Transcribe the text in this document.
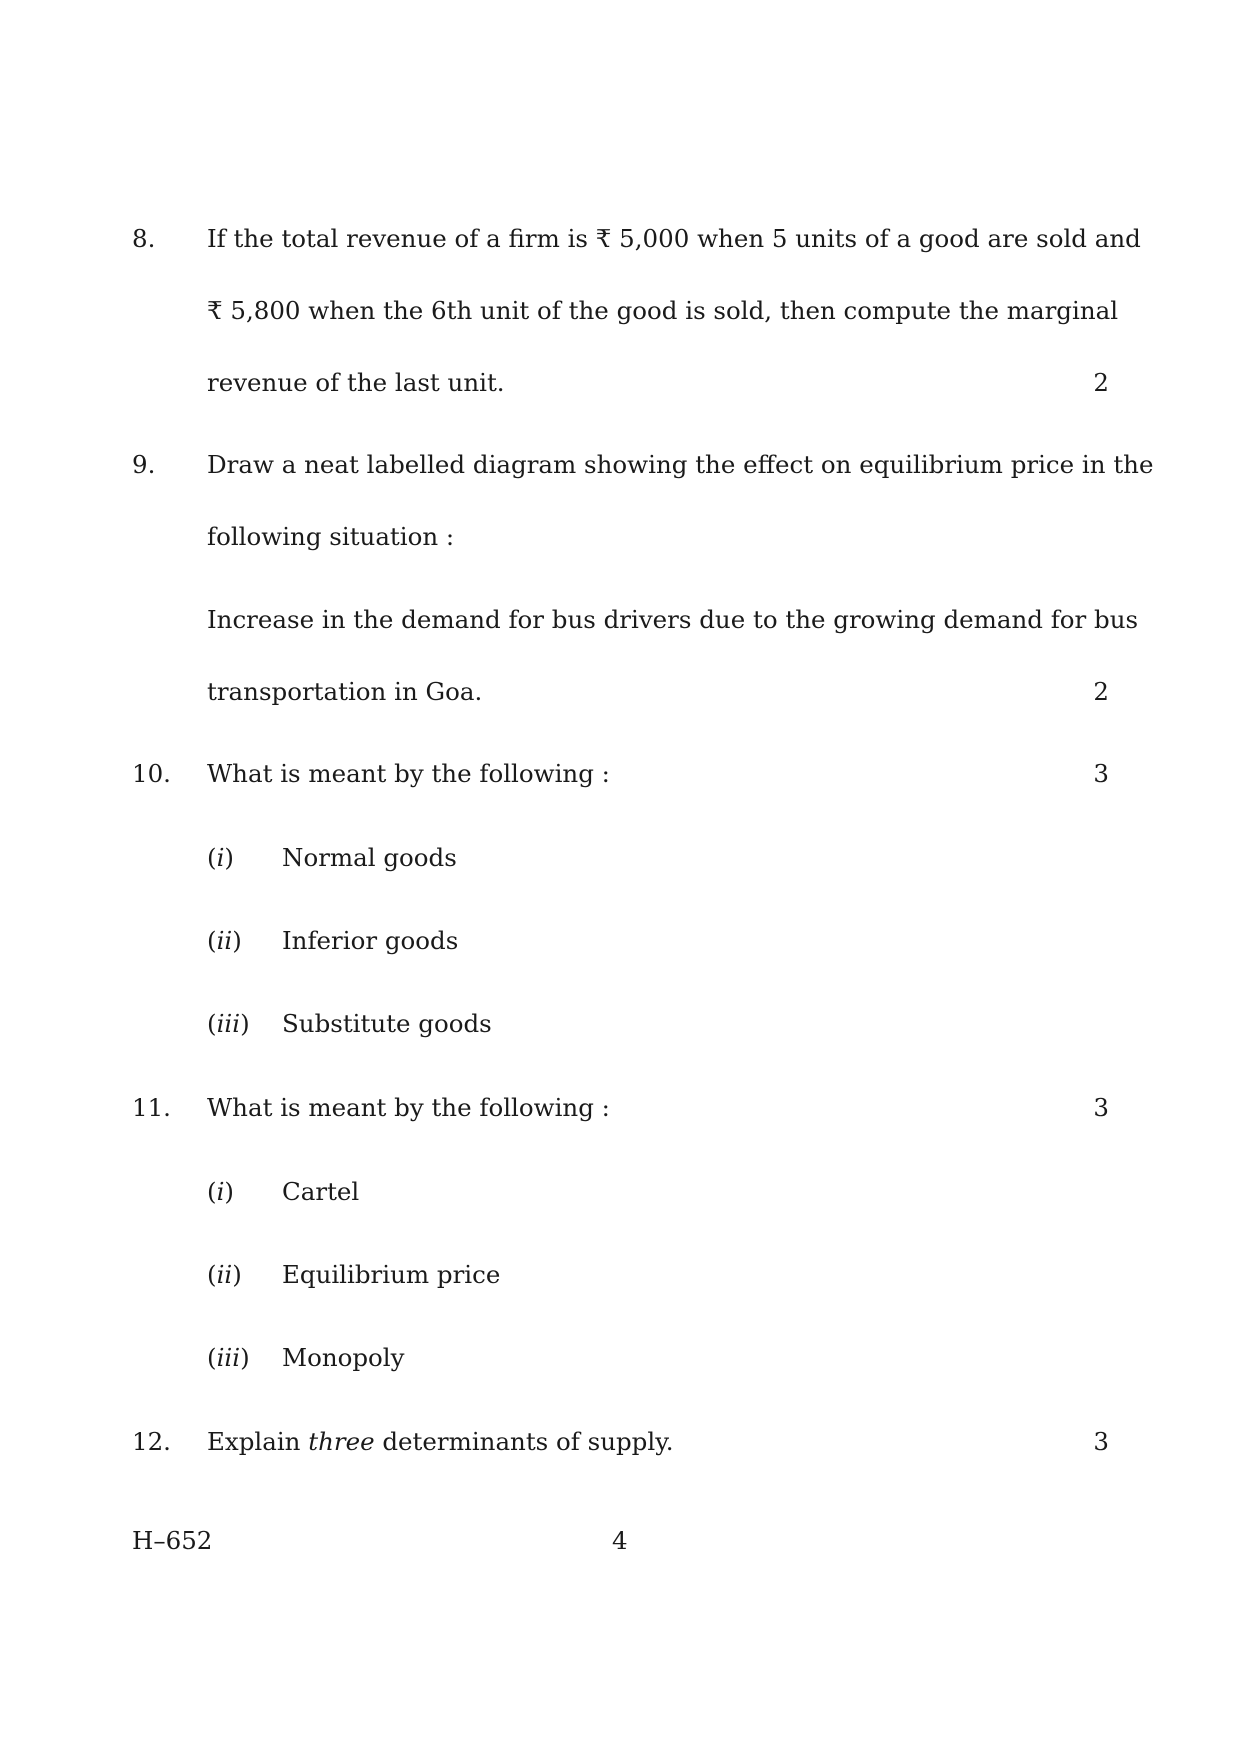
8. If the total revenue of a firm is ₹ 5,000 when 5 units of a good are sold and
₹ 5,800 when the 6th unit of the good is sold, then compute the marginal
revenue of the last unit.	2
9. Draw a neat labelled diagram showing the effect on equilibrium price in the
following situation :
Increase in the demand for bus drivers due to the growing demand for bus
transportation in Goa.	2
10. What is meant by the following :	3
(i) Normal goods
(ii) Inferior goods
(iii) Substitute goods
11. What is meant by the following :	3
(i) Cartel
(ii) Equilibrium price
(iii) Monopoly
12. Explain three determinants of supply.	3
H–652	4
